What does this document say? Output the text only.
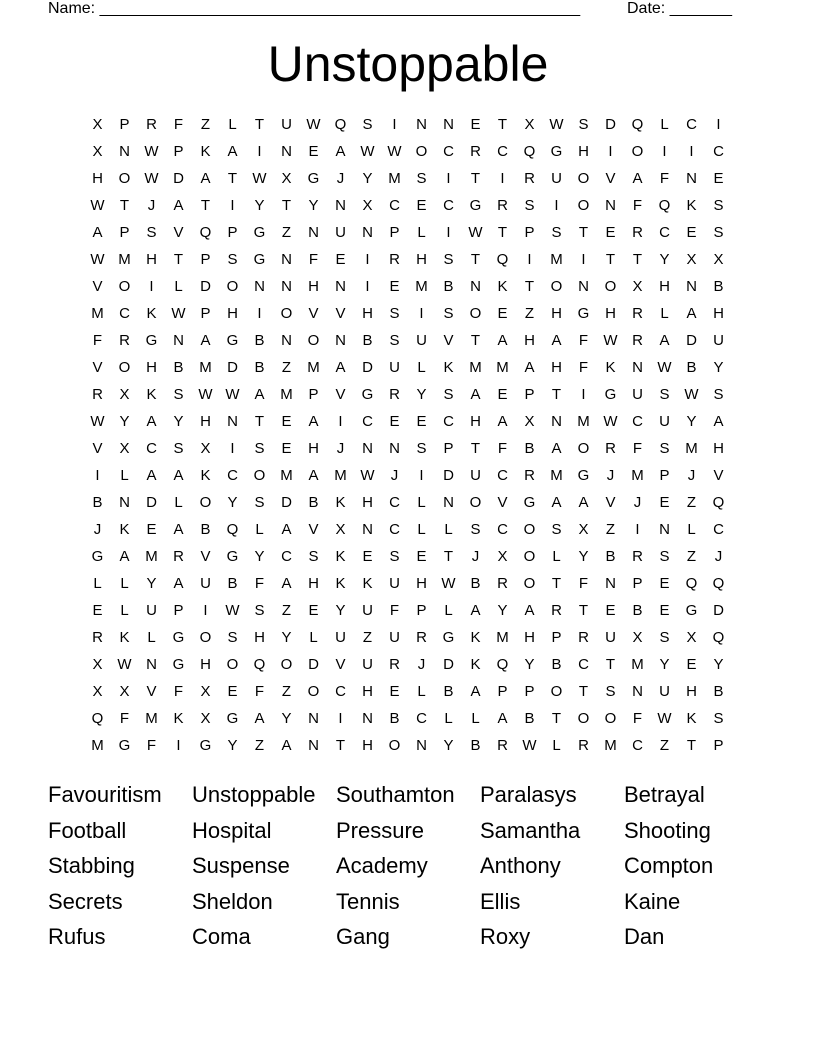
Name: ______________________________________________________	Date: _______
Unstoppable
X	P	R	F	Z	L	T	U W Q	S	I	N	N	E	T	X W S	D	Q	L	C	I
X	N W P	K	A	I	N	E	A W W O	C	R	C	Q	G	H	I	O	I	I	C
H	O W D	A	T	W X	G	J	Y	M	S	I	T	I	R	U	O	V	A	F	N	E
W	T	J	A	T	I	Y	T	Y	N	X	C	E	C	G	R	S	I	O	N	F	Q	K	S
A	P	S	V	Q	P	G	Z	N	U	N	P	L	I	W	T	P	S	T	E	R	C	E	S
W M	H	T	P	S	G	N	F	E	I	R	H	S	T	Q	I	M	I	T	T	Y	X	X
V	O	I	L	D	O	N	N	H	N	I	E	M	B	N	K	T	O	N	O	X	H	N	B
M	C	K W P	H	I	O	V	V	H	S	I	S	O	E	Z	H	G	H	R	L	A	H
F	R	G	N	A	G	B	N	O	N	B	S	U	V	T	A	H	A	F	W R	A	D	U
V	O	H	B	M	D	B	Z	M	A	D	U	L	K	M M	A	H	F	K	N W B	Y
R	X	K	S W W A	M	P	V	G	R	Y	S	A	E	P	T	I	G	U	S W S
W Y	A	Y	H	N	T	E	A	I	C	E	E	C	H	A	X	N	M W C	U	Y	A
V	X	C	S	X	I	S	E	H	J	N	N	S	P	T	F	B	A	O	R	F	S	M	H
I	L	A	A	K	C	O M	A	M W	J	I	D	U	C	R	M G	J	M	P	J	V
B	N	D	L	O	Y	S	D	B	K	H	C	L	N	O	V	G	A	A	V	J	E	Z	Q
J	K	E	A	B	Q	L	A	V	X	N	C	L	L	S	C	O	S	X	Z	I	N	L	C
G	A	M	R	V	G	Y	C	S	K	E	S	E	T	J	X	O	L	Y	B	R	S	Z	J
L	L	Y	A	U	B	F	A	H	K	K	U	H W B	R	O	T	F	N	P	E	Q	Q
E	L	U	P	I	W S	Z	E	Y	U	F	P	L	A	Y	A	R	T	E	B	E	G	D
R	K	L	G	O	S	H	Y	L	U	Z	U	R	G	K	M	H	P	R	U	X	S	X	Q
X W N	G	H	O	Q	O	D	V	U	R	J	D	K	Q	Y	B	C	T	M	Y	E	Y
X	X	V	F	X	E	F	Z	O	C	H	E	L	B	A	P	P	O	T	S	N	U	H	B
Q	F	M	K	X	G	A	Y	N	I	N	B	C	L	L	A	B	T	O	O	F	W K	S
M G	F	I	G	Y	Z	A	N	T	H	O	N	Y	B	R W	L	R	M	C	Z	T	P
Favouritism	Unstoppable Southamton	Paralasys	Betrayal
Football	Hospital	Pressure	Samantha	Shooting
Stabbing	Suspense	Academy	Anthony	Compton
Secrets	Sheldon	Tennis	Ellis	Kaine
Rufus	Coma	Gang	Roxy	Dan
